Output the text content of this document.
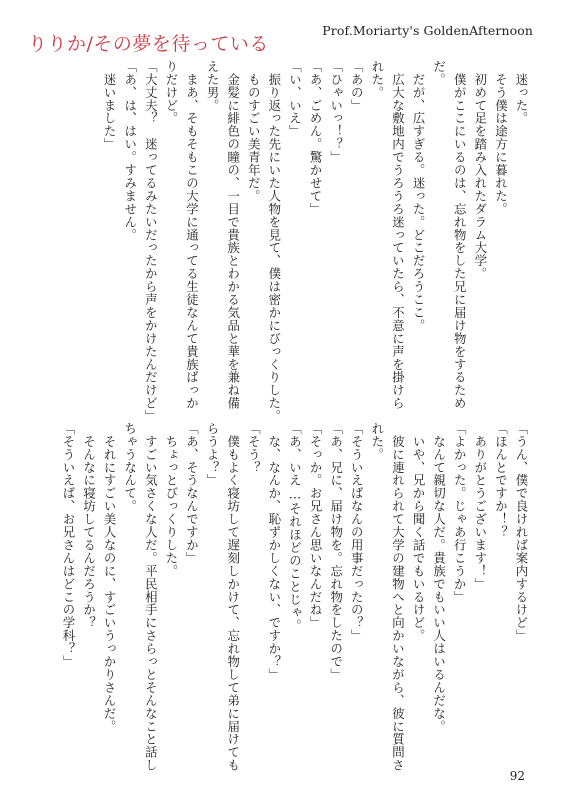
りりか/その夢を待っている
Prof.Moriarty's GoldenAfternoon
　迷った。
　そう僕は途方に暮れた。
　初めて足を踏み入れたダラム大学。
　僕がここにいるのは、忘れ物をした兄に届け物をするため
だ。
　だが、広すぎる。迷った。どこだろうここ。
　広大な敷地内でうろうろ迷っていたら、不意に声を掛けら
れた。
「あの」
「ひゃいっ！？」
「あ、ごめん。驚かせて」
「い、いえ」
　振り返った先にいた人物を見て、僕は密かにびっくりした。
　ものすごい美青年だ。
　金髪に緋色の瞳の、一目で貴族とわかる気品と華を兼ね備
えた男。
　まあ、そもそもこの大学に通ってる生徒なんて貴族ばっか
りだけど。
「大丈夫？　迷ってるみたいだったから声をかけたんだけど」
「あ、は、はい。すみません。
　迷いました」
「うん、僕で良ければ案内するけど」
「ほんとですか！？
　ありがとうございます！」
「よかった。じゃあ行こうか」
　なんて親切な人だ。貴族でもいい人はいるんだな。
　いや、兄から聞く話でもいるけど。
　彼に連れられて大学の建物へと向かいながら、彼に質問さ
れた。
「そういえばなんの用事だったの？」
「あ、兄に、届け物を。忘れ物をしたので」
「そっか。お兄さん思いなんだね」
「あ、いえ…それほどのことじゃ。
　な、なんか、恥ずかしくない、ですか？」
「そう？
　僕もよく寝坊して遅刻しかけて、忘れ物して弟に届けても
らうよ？」
「あ、そうなんですか」
　ちょっとびっくりした。
　すごい気さくな人だ。平民相手にさらっとそんなこと話し
ちゃうなんて。
　それにすごい美人なのに、すごいうっかりさんだ。
　そんなに寝坊してるんだろうか？
「そういえば、お兄さんはどこの学科？」
92
